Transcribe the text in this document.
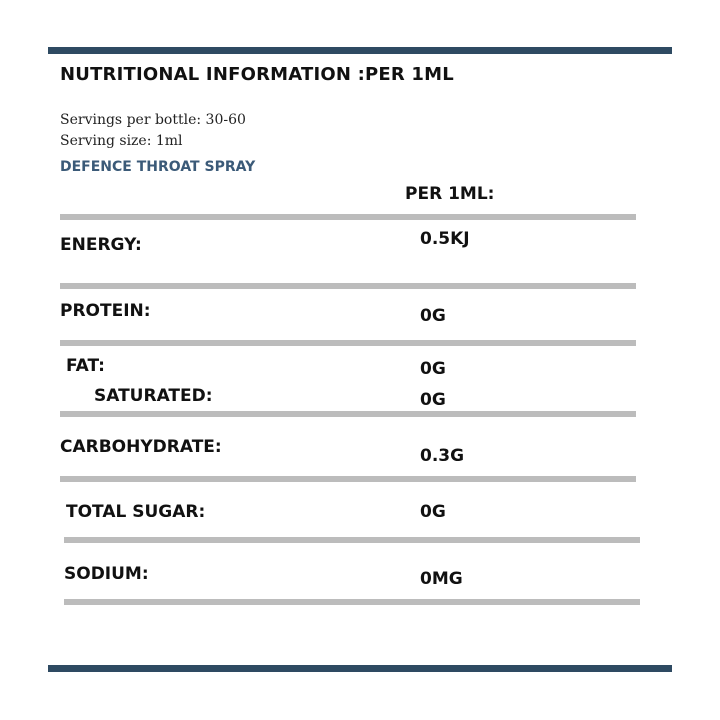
NUTRITIONAL INFORMATION :PER 1ML
Servings per bottle: 30-60
Serving size: 1ml
DEFENCE THROAT SPRAY
PER 1ML:
ENERGY:	0.5KJ
PROTEIN:	0G
FAT:	0G
SATURATED:	0G
CARBOHYDRATE:	0.3G
TOTAL SUGAR:	0G
SODIUM:	0MG
